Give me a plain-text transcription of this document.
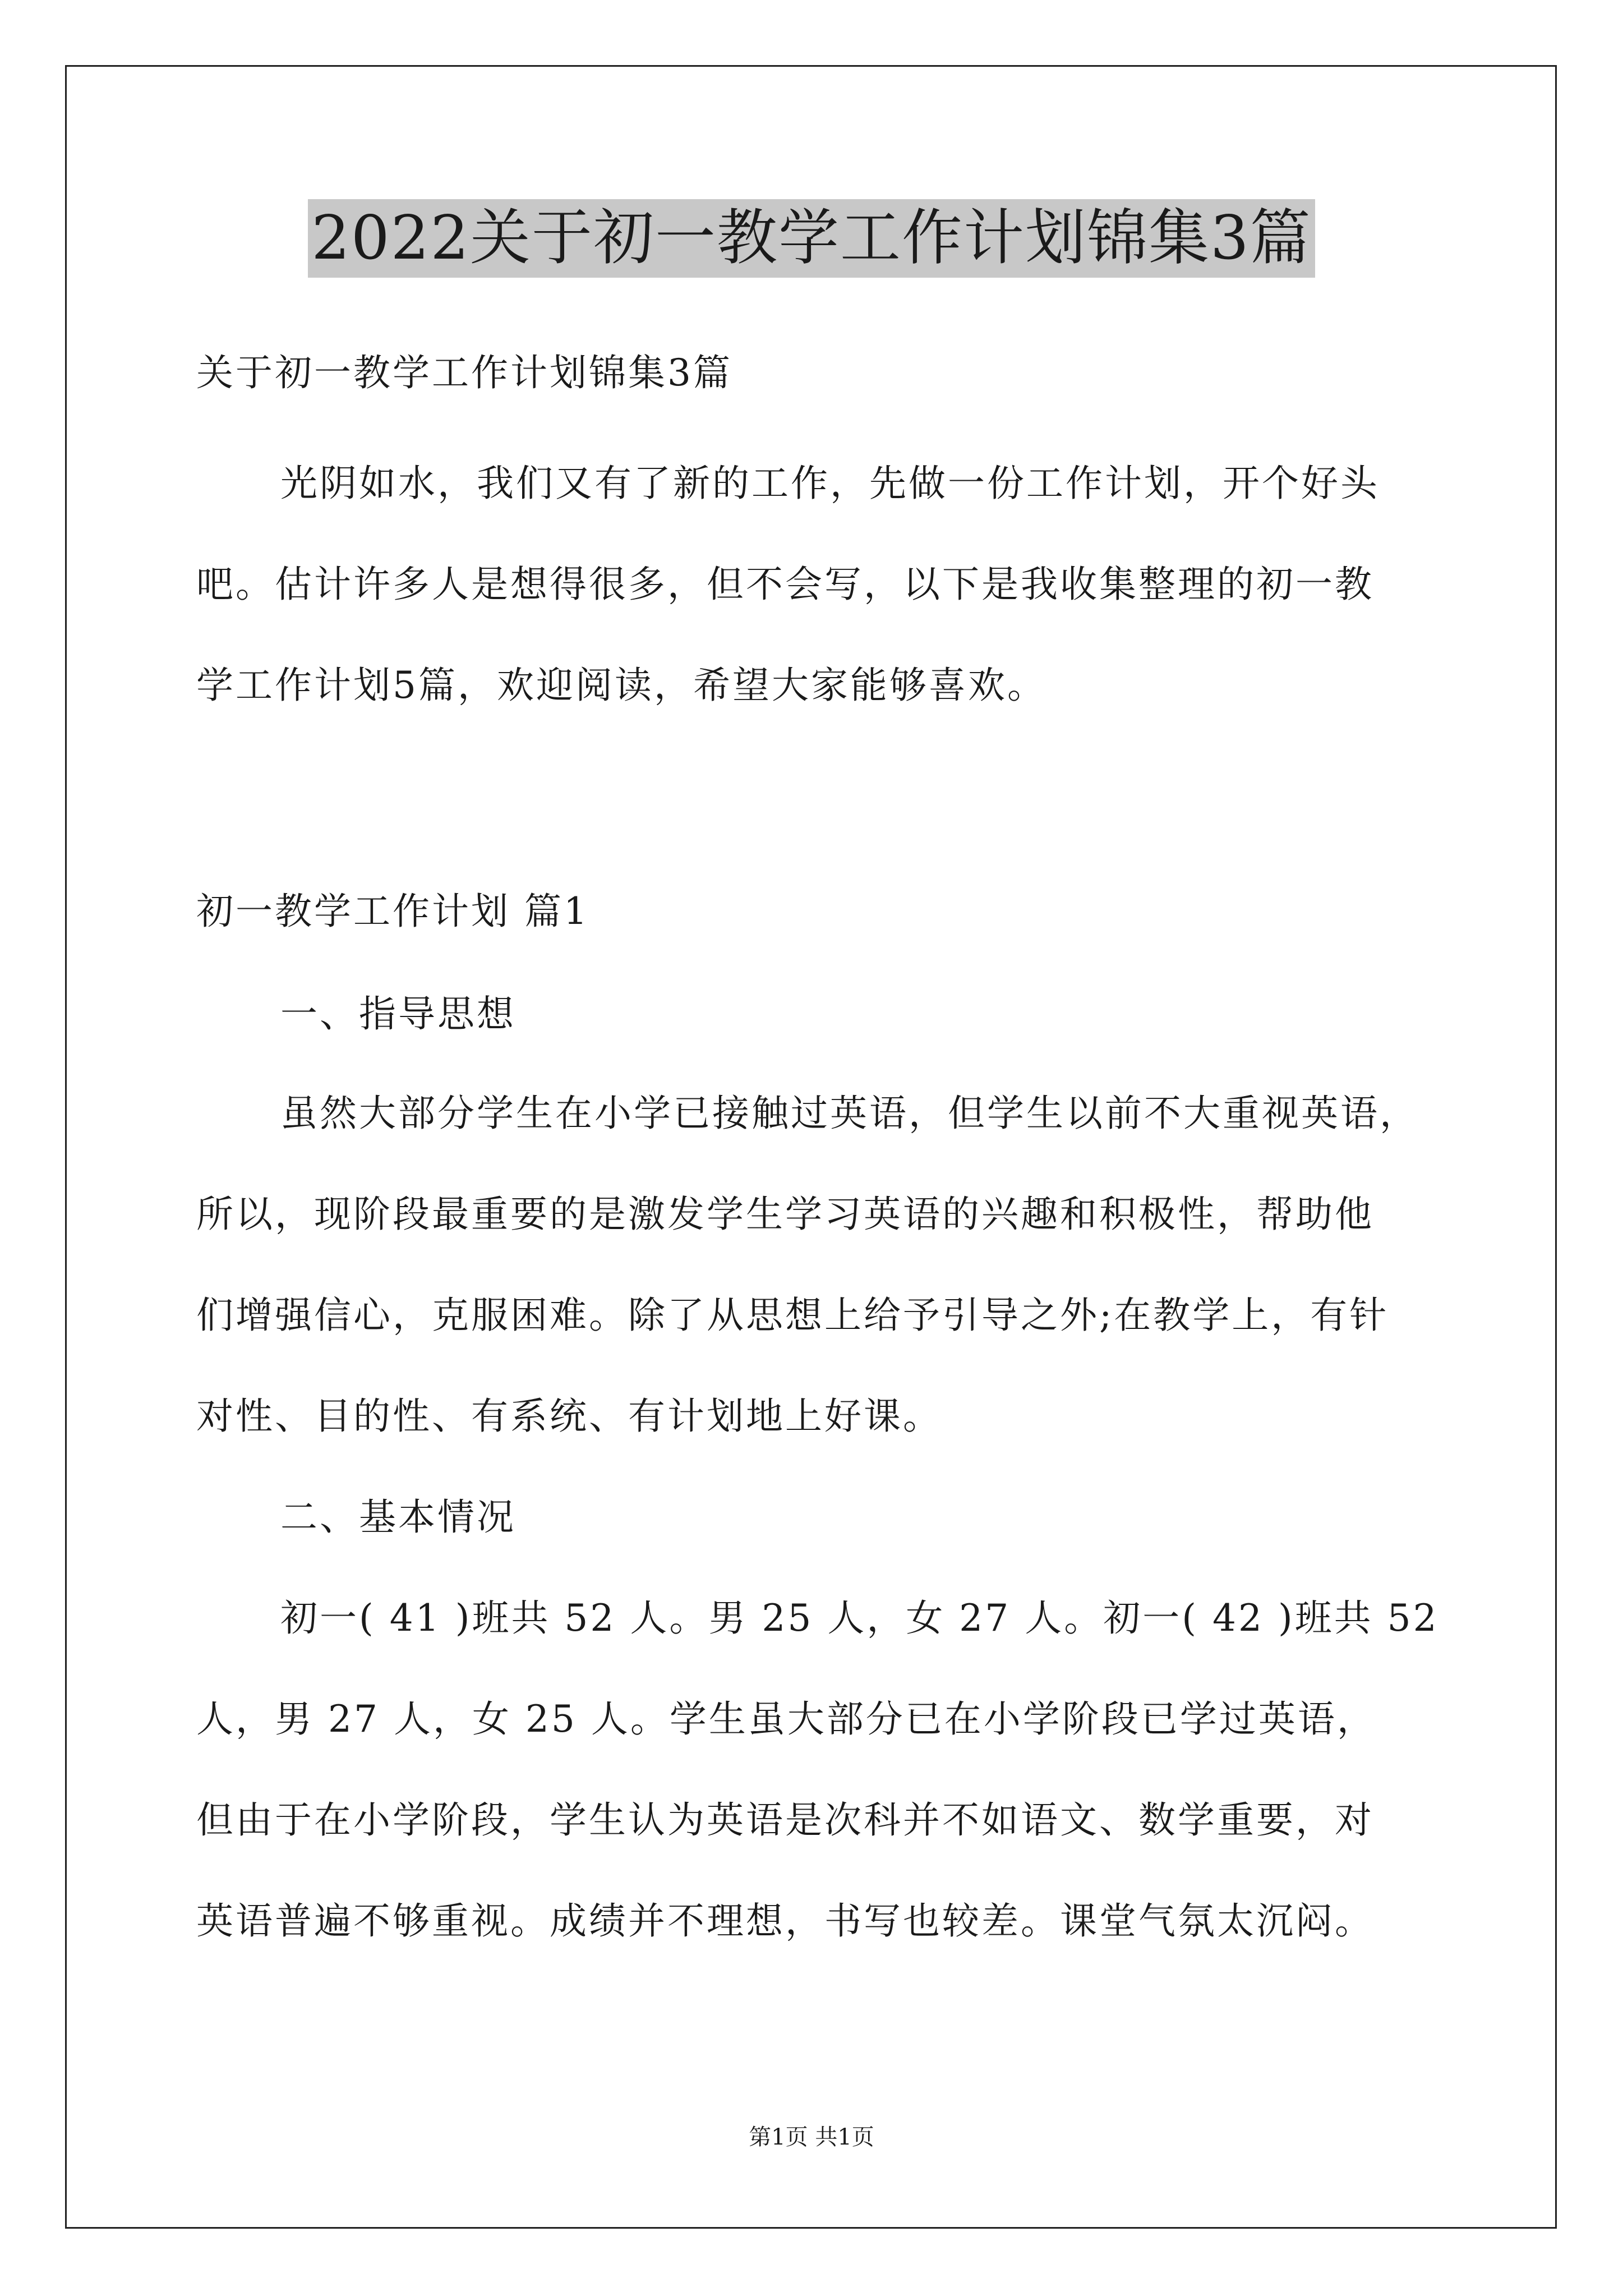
2022关于初一教学工作计划锦集3篇
关于初一教学工作计划锦集3篇
光阴如水，我们又有了新的工作，先做一份工作计划，开个好头
吧。估计许多人是想得很多，但不会写，以下是我收集整理的初一教
学工作计划5篇，欢迎阅读，希望大家能够喜欢。
初一教学工作计划 篇1
一、指导思想
虽然大部分学生在小学已接触过英语，但学生以前不大重视英语，
所以，现阶段最重要的是激发学生学习英语的兴趣和积极性，帮助他
们增强信心，克服困难。除了从思想上给予引导之外;在教学上，有针
对性、目的性、有系统、有计划地上好课。
二、基本情况
初一( 41 )班共 52 人。男 25 人，女 27 人。初一( 42 )班共 52
人，男 27 人，女 25 人。学生虽大部分已在小学阶段已学过英语，
但由于在小学阶段，学生认为英语是次科并不如语文、数学重要，对
英语普遍不够重视。成绩并不理想，书写也较差。课堂气氛太沉闷。
第1页 共1页
